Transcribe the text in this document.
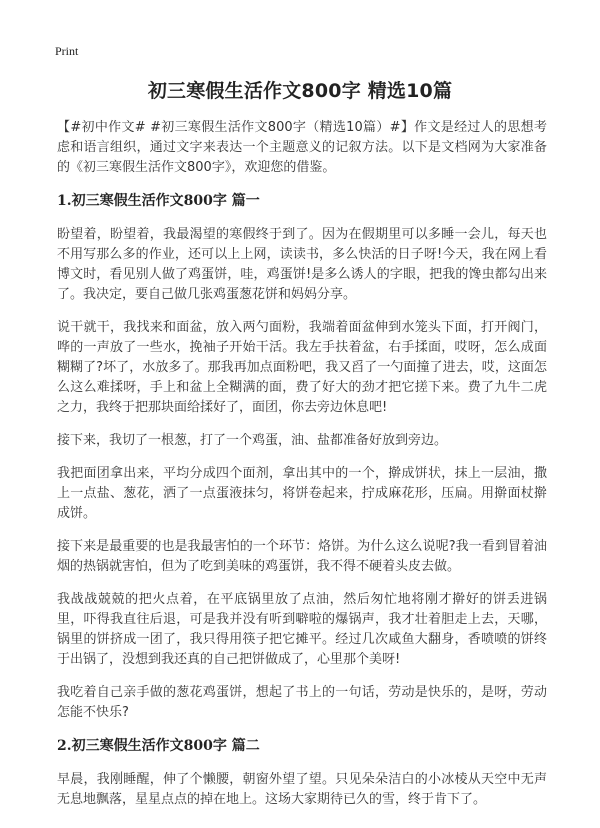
Print
初三寒假生活作文800字 精选10篇

【#初中作文# #初三寒假生活作文800字（精选10篇）#】作文是经过人的思想考虑和语言组织，通过文字来表达一个主题意义的记叙方法。以下是文档网为大家准备的《初三寒假生活作文800字》，欢迎您的借鉴。

1.初三寒假生活作文800字 篇一

盼望着，盼望着，我最渴望的寒假终于到了。因为在假期里可以多睡一会儿，每天也不用写那么多的作业，还可以上上网，读读书，多么快活的日子呀!今天，我在网上看博文时，看见别人做了鸡蛋饼，哇，鸡蛋饼!是多么诱人的字眼，把我的馋虫都勾出来了。我决定，要自己做几张鸡蛋葱花饼和妈妈分享。

说干就干，我找来和面盆，放入两勺面粉，我端着面盆伸到水笼头下面，打开阀门，哗的一声放了一些水，挽袖子开始干活。我左手扶着盆，右手揉面，哎呀，怎么成面糊糊了?坏了，水放多了。那我再加点面粉吧，我又舀了一勺面撞了进去，哎，这面怎么这么难揉呀，手上和盆上全糊满的面，费了好大的劲才把它搓下来。费了九牛二虎之力，我终于把那块面给揉好了，面团，你去旁边休息吧!

接下来，我切了一根葱，打了一个鸡蛋，油、盐都准备好放到旁边。

我把面团拿出来，平均分成四个面剂，拿出其中的一个，擀成饼状，抹上一层油，撒上一点盐、葱花，洒了一点蛋液抹匀，将饼卷起来，拧成麻花形，压扁。用擀面杖擀成饼。

接下来是最重要的也是我最害怕的一个环节：烙饼。为什么这么说呢?我一看到冒着油烟的热锅就害怕，但为了吃到美味的鸡蛋饼，我不得不硬着头皮去做。

我战战兢兢的把火点着，在平底锅里放了点油，然后匆忙地将刚才擀好的饼丢进锅里，吓得我直往后退，可是我并没有听到噼啦的爆锅声，我才壮着胆走上去，天哪，锅里的饼挤成一团了，我只得用筷子把它摊平。经过几次咸鱼大翻身，香喷喷的饼终于出锅了，没想到我还真的自己把饼做成了，心里那个美呀!

我吃着自己亲手做的葱花鸡蛋饼，想起了书上的一句话，劳动是快乐的，是呀，劳动怎能不快乐?

2.初三寒假生活作文800字 篇二

早晨，我刚睡醒，伸了个懒腰，朝窗外望了望。只见朵朵洁白的小冰棱从天空中无声无息地飘落，星星点点的掉在地上。这场大家期待已久的雪，终于肯下了。
